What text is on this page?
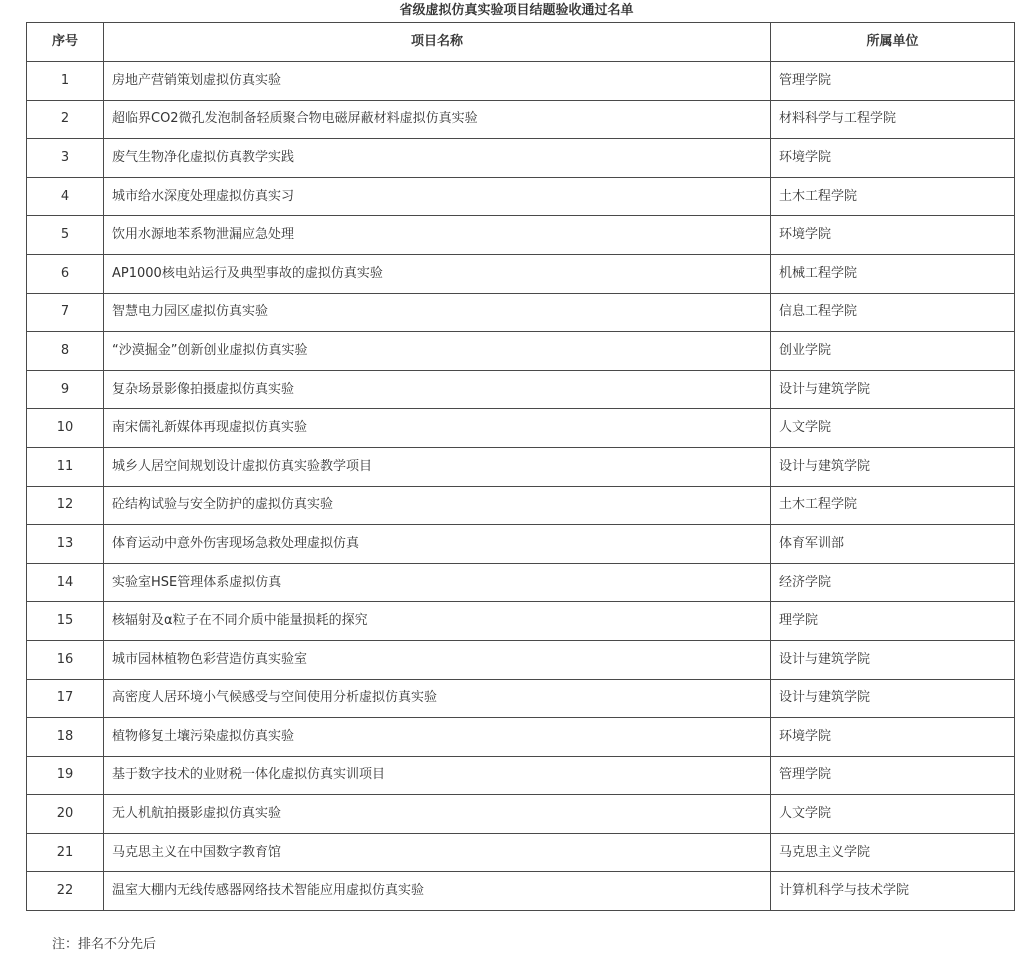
省级虚拟仿真实验项目结题验收通过名单
序号	项目名称	所属单位
1	房地产营销策划虚拟仿真实验	管理学院
2	超临界CO2微孔发泡制备轻质聚合物电磁屏蔽材料虚拟仿真实验	材料科学与工程学院
3	废气生物净化虚拟仿真教学实践	环境学院
4	城市给水深度处理虚拟仿真实习	土木工程学院
5	饮用水源地苯系物泄漏应急处理	环境学院
6	AP1000核电站运行及典型事故的虚拟仿真实验	机械工程学院
7	智慧电力园区虚拟仿真实验	信息工程学院
8	“沙漠掘金”创新创业虚拟仿真实验	创业学院
9	复杂场景影像拍摄虚拟仿真实验	设计与建筑学院
10	南宋儒礼新媒体再现虚拟仿真实验	人文学院
11	城乡人居空间规划设计虚拟仿真实验教学项目	设计与建筑学院
12	砼结构试验与安全防护的虚拟仿真实验	土木工程学院
13	体育运动中意外伤害现场急救处理虚拟仿真	体育军训部
14	实验室HSE管理体系虚拟仿真	经济学院
15	核辐射及α粒子在不同介质中能量损耗的探究	理学院
16	城市园林植物色彩营造仿真实验室	设计与建筑学院
17	高密度人居环境小气候感受与空间使用分析虚拟仿真实验	设计与建筑学院
18	植物修复土壤污染虚拟仿真实验	环境学院
19	基于数字技术的业财税一体化虚拟仿真实训项目	管理学院
20	无人机航拍摄影虚拟仿真实验	人文学院
21	马克思主义在中国数字教育馆	马克思主义学院
22	温室大棚内无线传感器网络技术智能应用虚拟仿真实验	计算机科学与技术学院
注：排名不分先后
